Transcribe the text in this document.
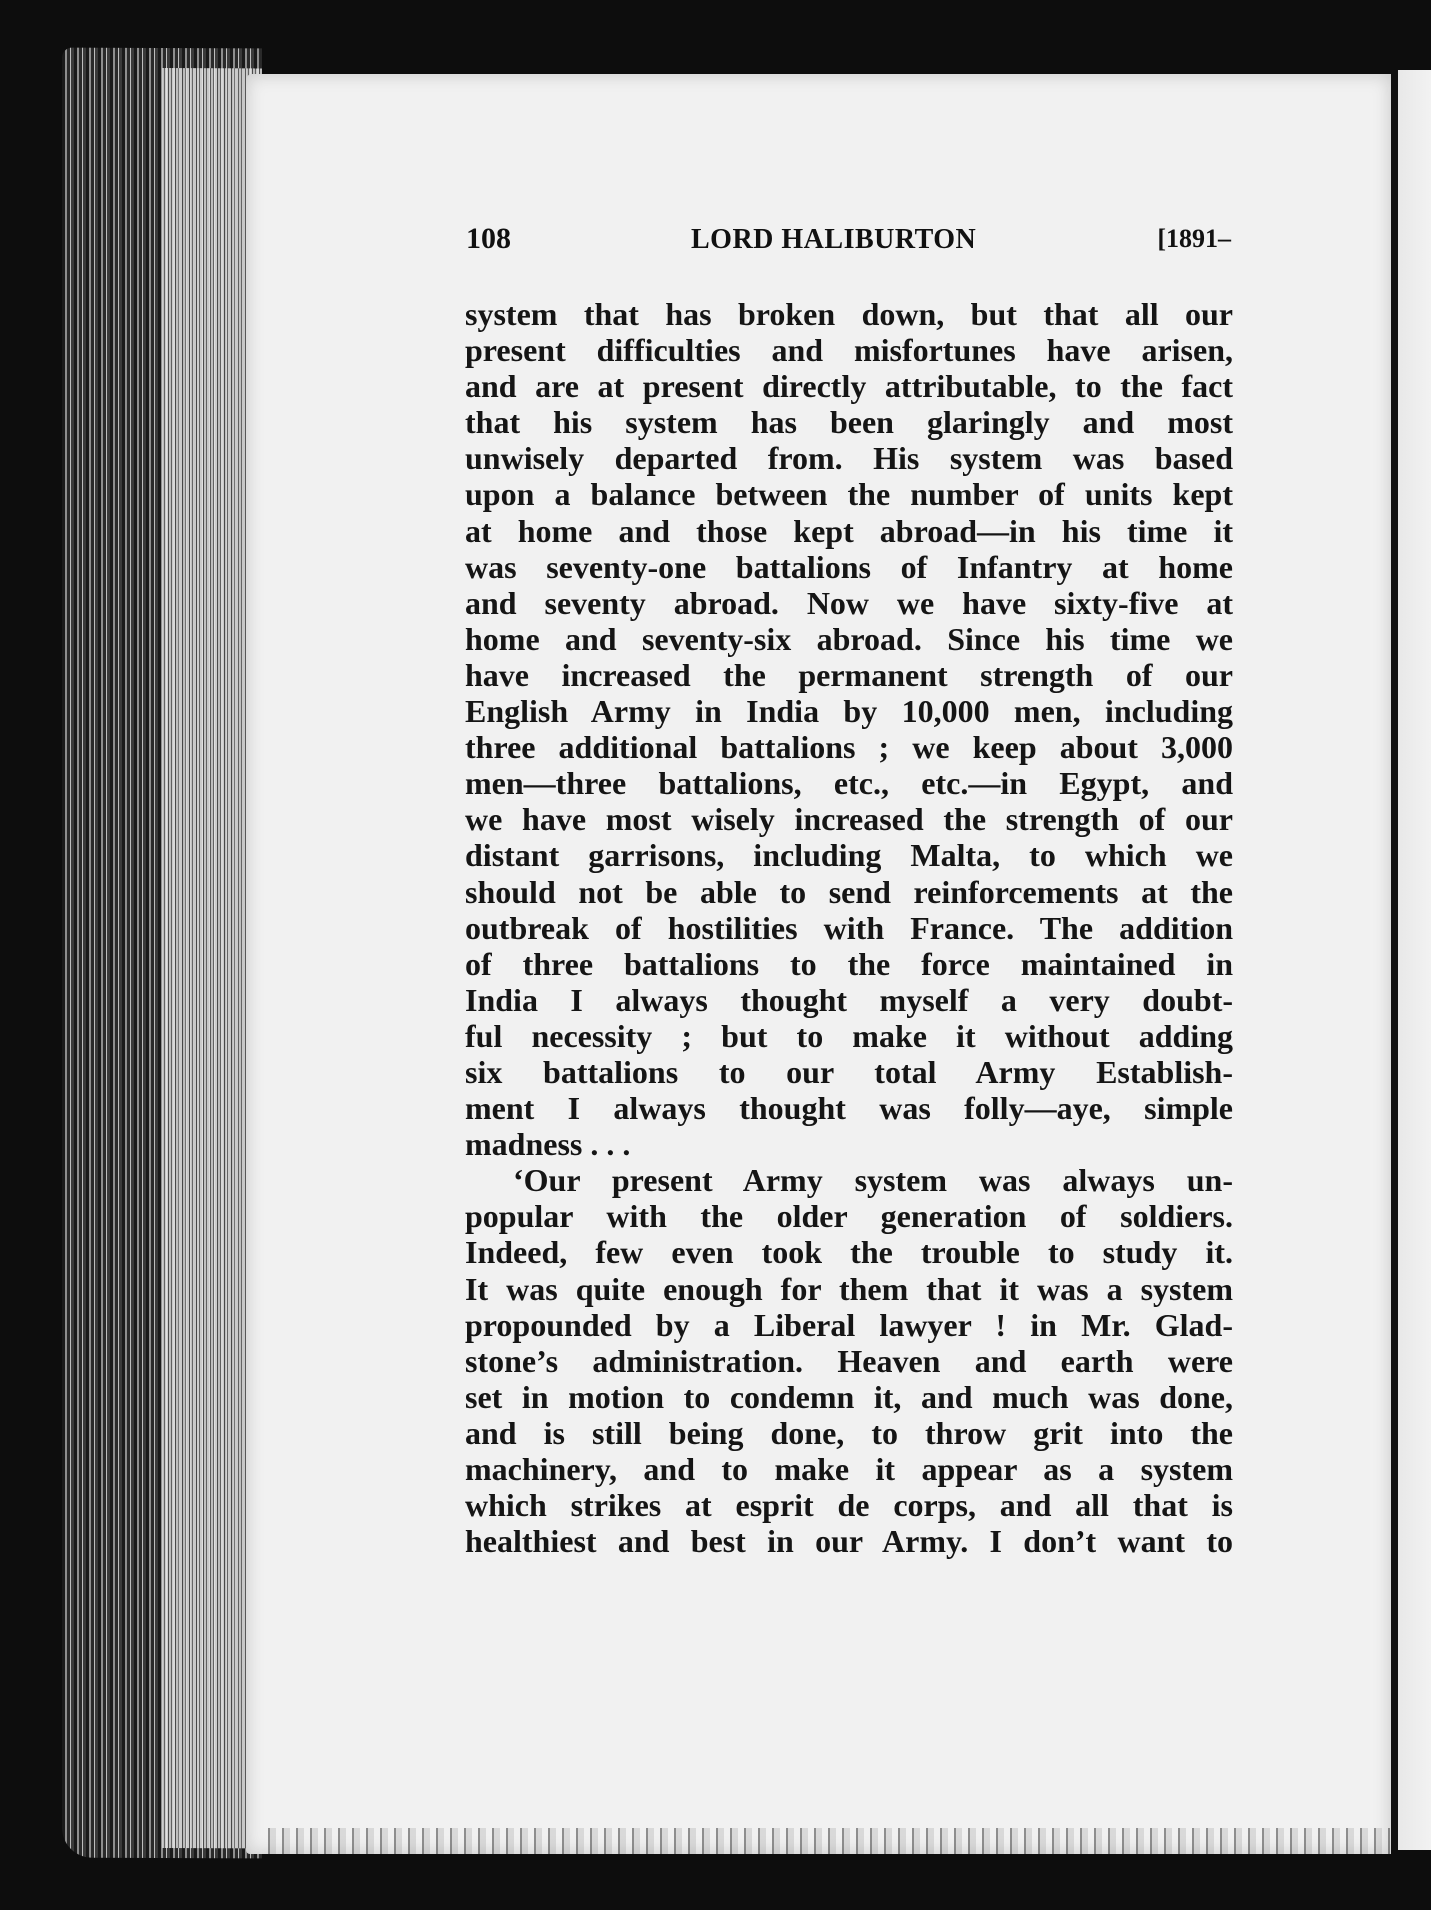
108	LORD HALIBURTON	[1891–
system that has broken down, but that all our
present difficulties and misfortunes have arisen,
and are at present directly attributable, to the fact
that his system has been glaringly and most
unwisely departed from. His system was based
upon a balance between the number of units kept
at home and those kept abroad—in his time it
was seventy-one battalions of Infantry at home
and seventy abroad. Now we have sixty-five at
home and seventy-six abroad. Since his time we
have increased the permanent strength of our
English Army in India by 10,000 men, including
three additional battalions ; we keep about 3,000
men—three battalions, etc., etc.—in Egypt, and
we have most wisely increased the strength of our
distant garrisons, including Malta, to which we
should not be able to send reinforcements at the
outbreak of hostilities with France. The addition
of three battalions to the force maintained in
India I always thought myself a very doubt-
ful necessity ; but to make it without adding
six battalions to our total Army Establish-
ment I always thought was folly—aye, simple
madness . . .
‘Our present Army system was always un-
popular with the older generation of soldiers.
Indeed, few even took the trouble to study it.
It was quite enough for them that it was a system
propounded by a Liberal lawyer ! in Mr. Glad-
stone’s administration. Heaven and earth were
set in motion to condemn it, and much was done,
and is still being done, to throw grit into the
machinery, and to make it appear as a system
which strikes at esprit de corps, and all that is
healthiest and best in our Army. I don’t want to
